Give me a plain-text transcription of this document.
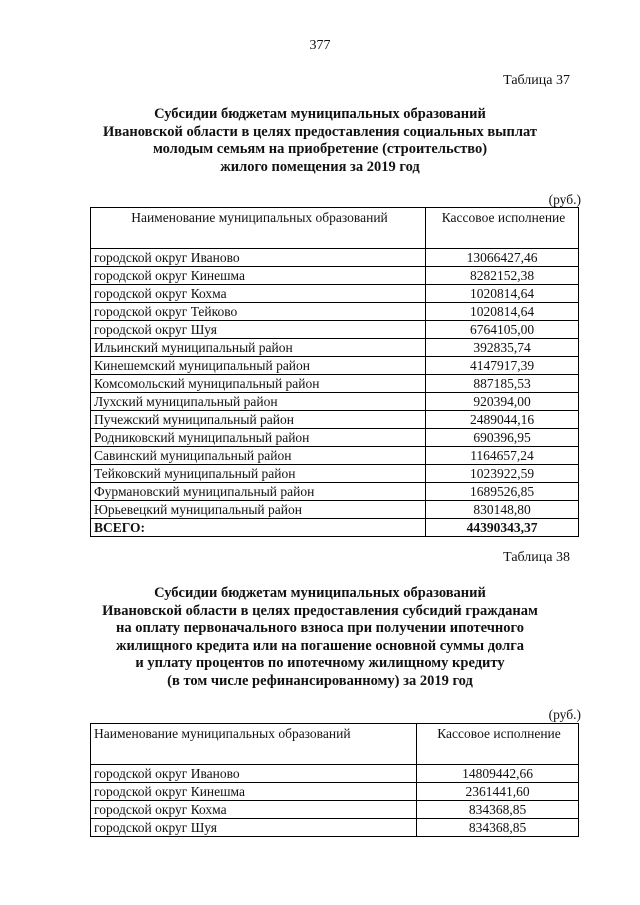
377
Таблица 37
Субсидии бюджетам муниципальных образований
Ивановской области в целях предоставления социальных выплат
молодым семьям на приобретение (строительство)
жилого помещения за 2019 год
(руб.)
Наименование муниципальных образований	Кассовое исполнение
городской округ Иваново	13066427,46
городской округ Кинешма	8282152,38
городской округ Кохма	1020814,64
городской округ Тейково	1020814,64
городской округ Шуя	6764105,00
Ильинский муниципальный район	392835,74
Кинешемский муниципальный район	4147917,39
Комсомольский муниципальный район	887185,53
Лухский муниципальный район	920394,00
Пучежский муниципальный район	2489044,16
Родниковский муниципальный район	690396,95
Савинский муниципальный район	1164657,24
Тейковский муниципальный район	1023922,59
Фурмановский муниципальный район	1689526,85
Юрьевецкий муниципальный район	830148,80
ВСЕГО:	44390343,37
Таблица 38
Субсидии бюджетам муниципальных образований
Ивановской области в целях предоставления субсидий гражданам
на оплату первоначального взноса при получении ипотечного
жилищного кредита или на погашение основной суммы долга
и уплату процентов по ипотечному жилищному кредиту
(в том числе рефинансированному) за 2019 год
(руб.)
Наименование муниципальных образований	Кассовое исполнение
городской округ Иваново	14809442,66
городской округ Кинешма	2361441,60
городской округ Кохма	834368,85
городской округ Шуя	834368,85
